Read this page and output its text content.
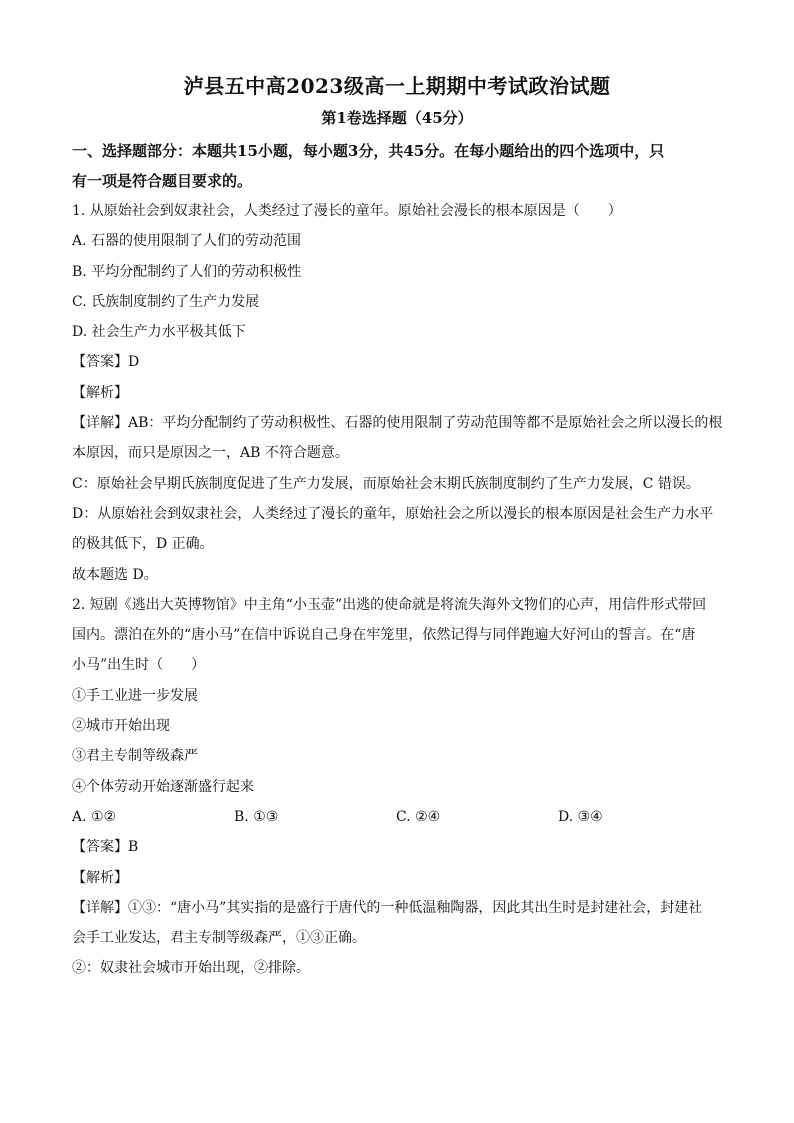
泸县五中高2023级高一上期期中考试政治试题
第1卷选择题（45分）

一、选择题部分：本题共15小题，每小题3分，共45分。在每小题给出的四个选项中，只

有一项是符合题目要求的。

1. 从原始社会到奴隶社会，人类经过了漫长的童年。原始社会漫长的根本原因是（　　）

A. 石器的使用限制了人们的劳动范围

B. 平均分配制约了人们的劳动积极性

C. 氏族制度制约了生产力发展

D. 社会生产力水平极其低下

【答案】D

【解析】

【详解】AB：平均分配制约了劳动积极性、石器的使用限制了劳动范围等都不是原始社会之所以漫长的根

本原因，而只是原因之一，AB 不符合题意。

C：原始社会早期氏族制度促进了生产力发展，而原始社会末期氏族制度制约了生产力发展，C 错误。

D：从原始社会到奴隶社会，人类经过了漫长的童年，原始社会之所以漫长的根本原因是社会生产力水平

的极其低下，D 正确。

故本题选 D。

2. 短剧《逃出大英博物馆》中主角“小玉壶”出逃的使命就是将流失海外文物们的心声，用信件形式带回

国内。漂泊在外的“唐小马”在信中诉说自己身在牢笼里，依然记得与同伴跑遍大好河山的誓言。在“唐

小马”出生时（　　）

①手工业进一步发展

②城市开始出现

③君主专制等级森严

④个体劳动开始逐渐盛行起来

A. ①②	B. ①③	C. ②④	D. ③④

【答案】B

【解析】

【详解】①③：“唐小马”其实指的是盛行于唐代的一种低温釉陶器，因此其出生时是封建社会，封建社

会手工业发达，君主专制等级森严，①③正确。

②：奴隶社会城市开始出现，②排除。
